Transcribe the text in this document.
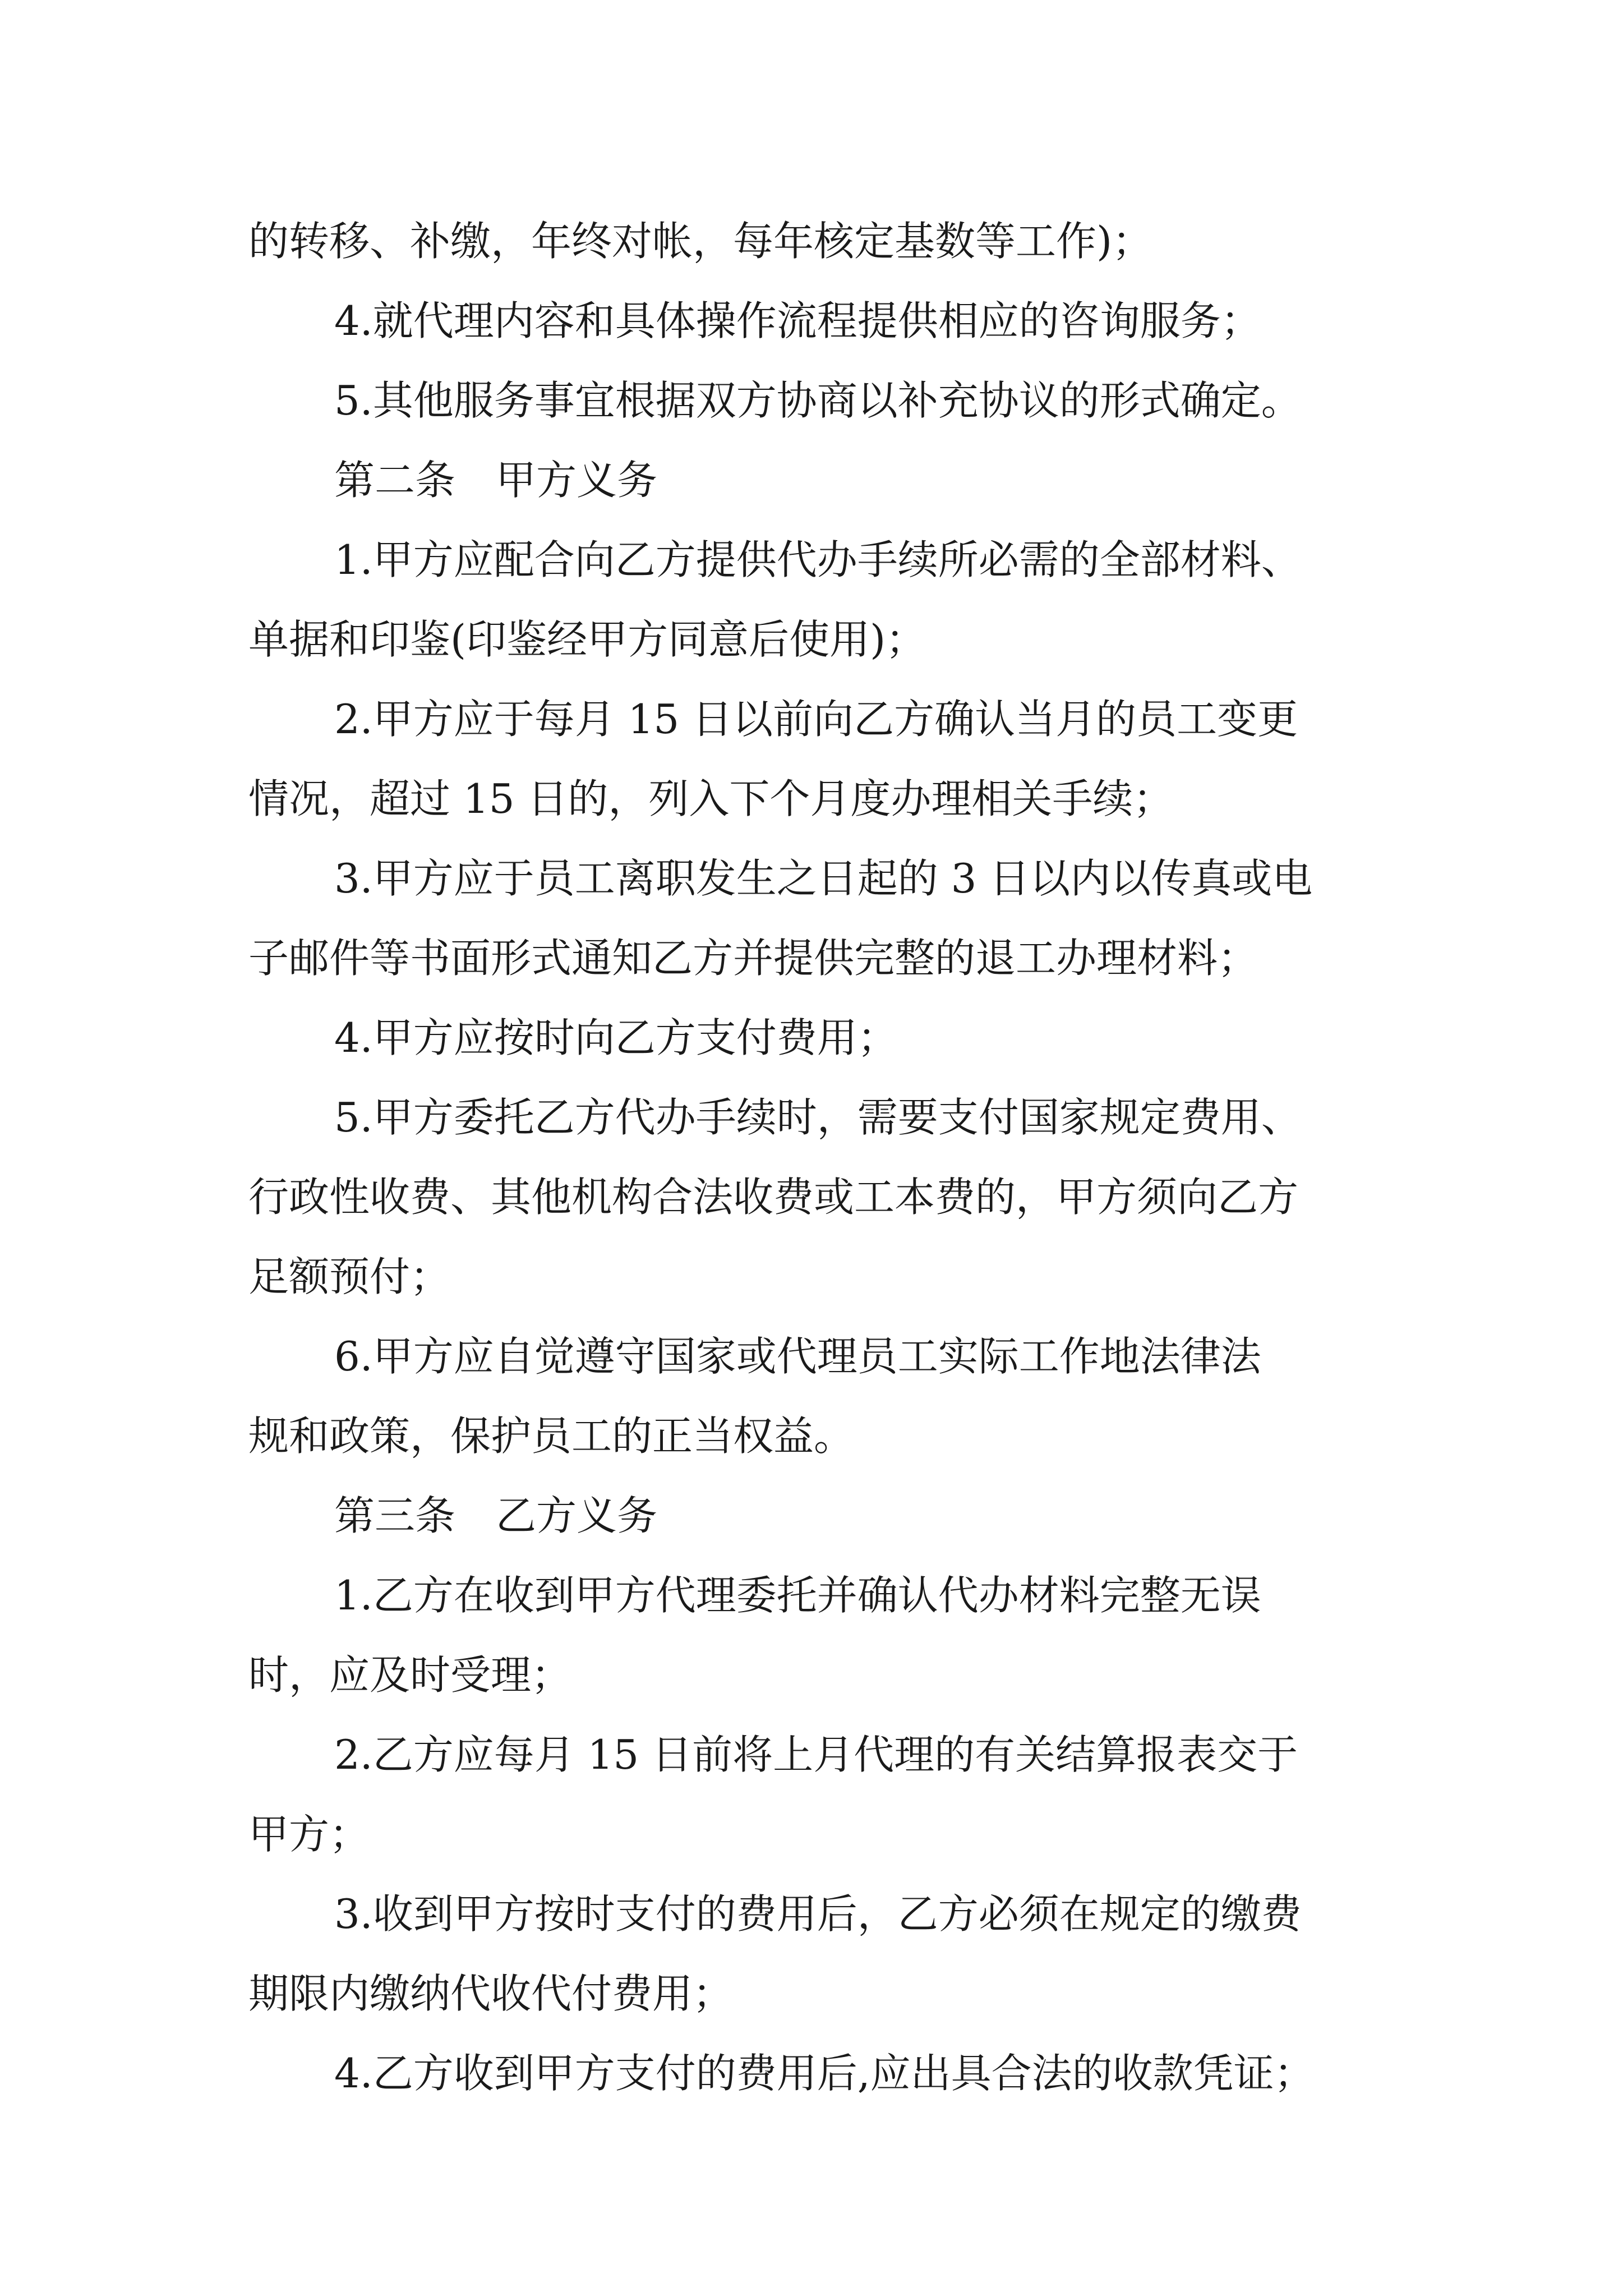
的转移、补缴，年终对帐，每年核定基数等工作)；
4.就代理内容和具体操作流程提供相应的咨询服务；
5.其他服务事宜根据双方协商以补充协议的形式确定。
第二条　甲方义务
1.甲方应配合向乙方提供代办手续所必需的全部材料、
单据和印鉴(印鉴经甲方同意后使用)；
2.甲方应于每月 15 日以前向乙方确认当月的员工变更
情况，超过 15 日的，列入下个月度办理相关手续；
3.甲方应于员工离职发生之日起的 3 日以内以传真或电
子邮件等书面形式通知乙方并提供完整的退工办理材料；
4.甲方应按时向乙方支付费用；
5.甲方委托乙方代办手续时，需要支付国家规定费用、
行政性收费、其他机构合法收费或工本费的，甲方须向乙方
足额预付；
6.甲方应自觉遵守国家或代理员工实际工作地法律法
规和政策，保护员工的正当权益。
第三条　乙方义务
1.乙方在收到甲方代理委托并确认代办材料完整无误
时，应及时受理；
2.乙方应每月 15 日前将上月代理的有关结算报表交于
甲方；
3.收到甲方按时支付的费用后，乙方必须在规定的缴费
期限内缴纳代收代付费用；
4.乙方收到甲方支付的费用后,应出具合法的收款凭证；
